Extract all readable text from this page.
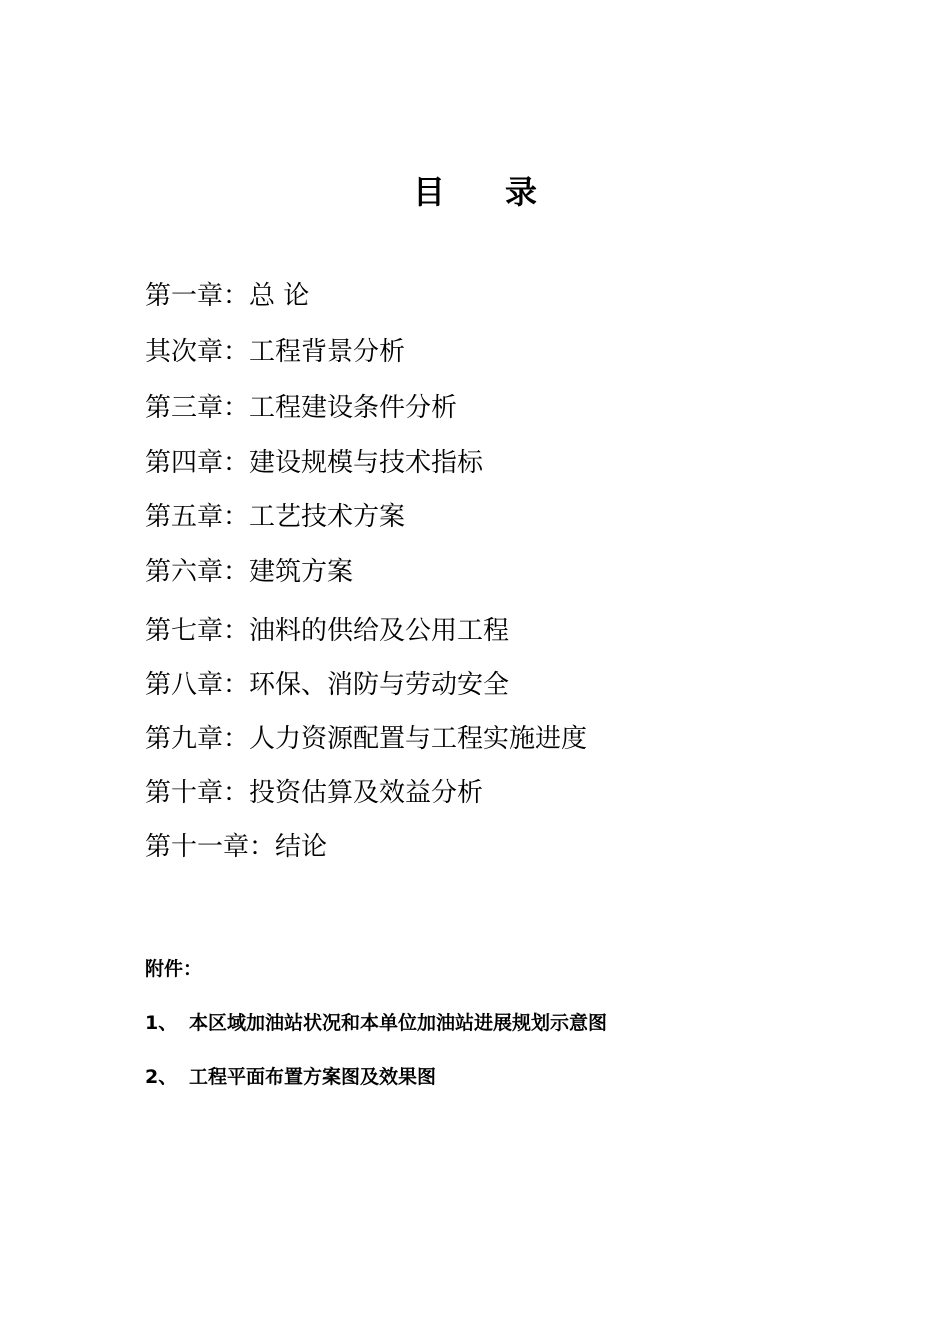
目 录
第一章：总 论
其次章：工程背景分析
第三章：工程建设条件分析
第四章：建设规模与技术指标
第五章：工艺技术方案
第六章：建筑方案
第七章：油料的供给及公用工程
第八章：环保、消防与劳动安全
第九章：人力资源配置与工程实施进度
第十章：投资估算及效益分析
第十一章：结论
附件：
1、 本区域加油站状况和本单位加油站进展规划示意图
2、 工程平面布置方案图及效果图
